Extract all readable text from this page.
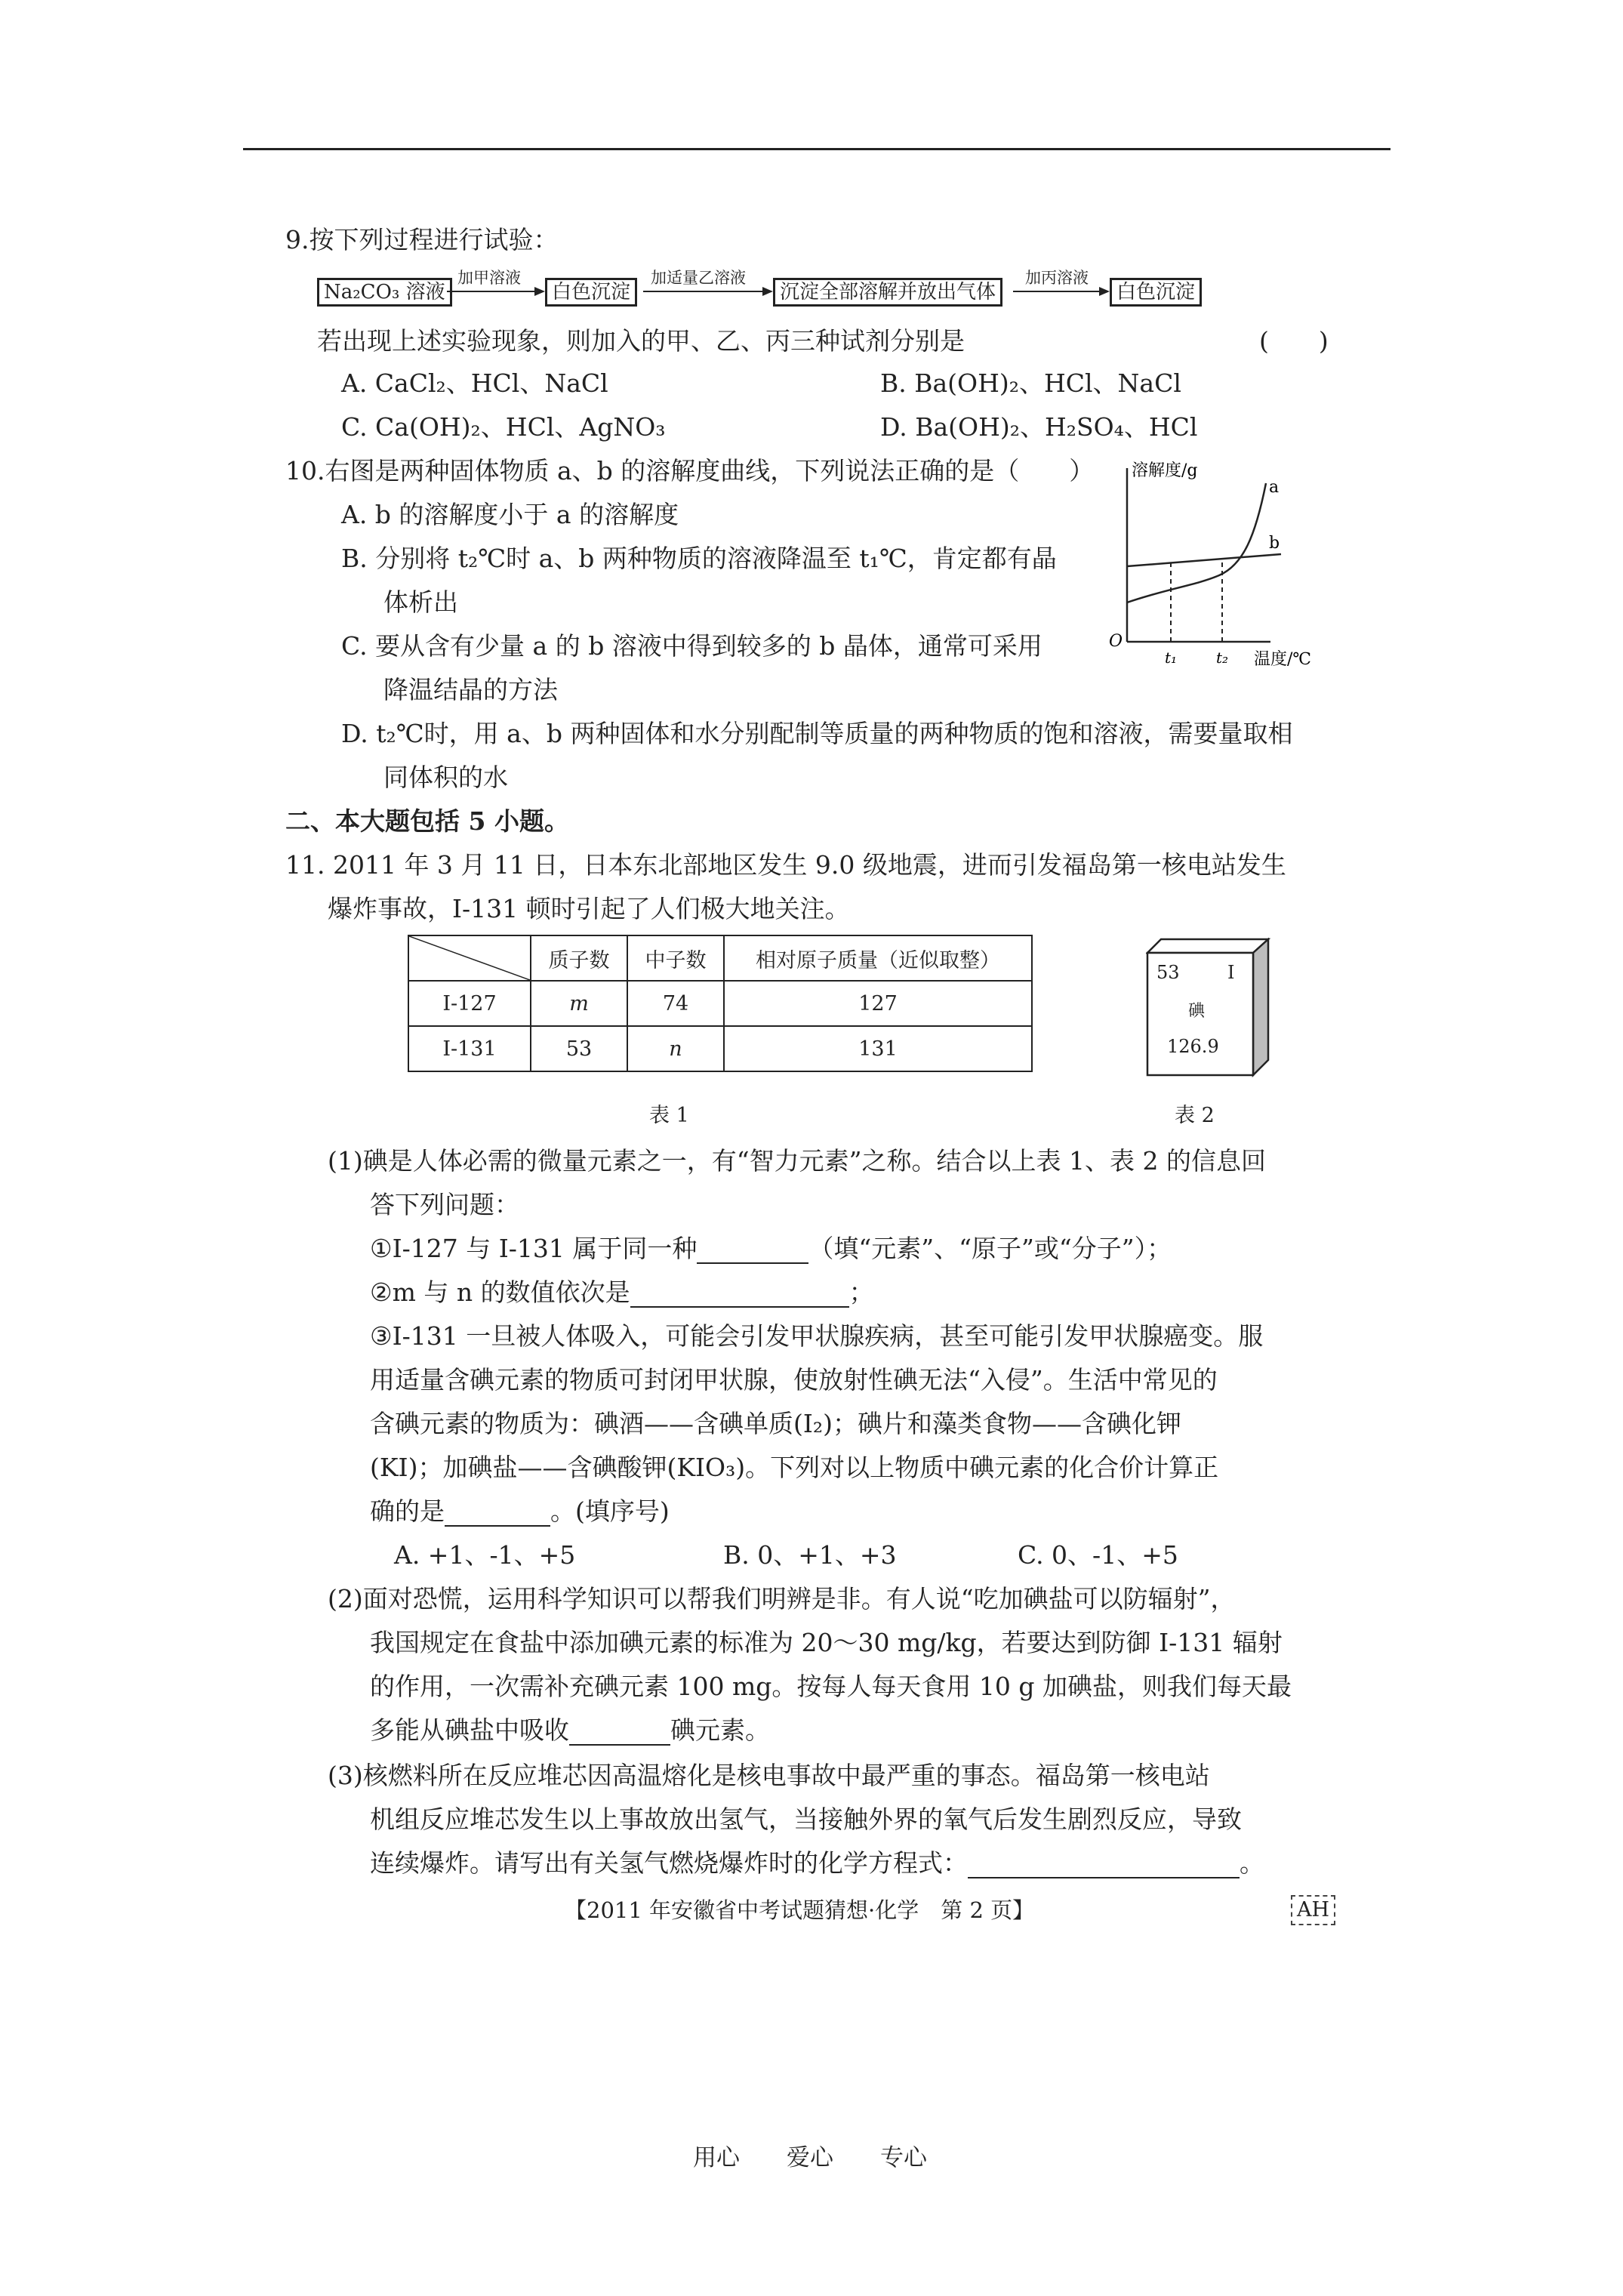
9.按下列过程进行试验：
Na₂CO₃ 溶液
加甲溶液
白色沉淀
加适量乙溶液
沉淀全部溶解并放出气体
加丙溶液
白色沉淀
若出现上述实验现象，则加入的甲、乙、丙三种试剂分别是	(　　)
A. CaCl₂、HCl、NaCl	B. Ba(OH)₂、HCl、NaCl
C. Ca(OH)₂、HCl、AgNO₃	D. Ba(OH)₂、H₂SO₄、HCl
10.右图是两种固体物质 a、b 的溶解度曲线，下列说法正确的是（　　）
A. b 的溶解度小于 a 的溶解度
B. 分别将 t₂℃时 a、b 两种物质的溶液降温至 t₁℃，肯定都有晶
体析出
C. 要从含有少量 a 的 b 溶液中得到较多的 b 晶体，通常可采用
降温结晶的方法
D. t₂℃时，用 a、b 两种固体和水分别配制等质量的两种物质的饱和溶液，需要量取相
同体积的水
溶解度/g
O
t₁	t₂ 温度/℃
a
b
二、本大题包括 5 小题。
11. 2011 年 3 月 11 日，日本东北部地区发生 9.0 级地震，进而引发福岛第一核电站发生
爆炸事故，I-131 顿时引起了人们极大地关注。
	质子数	中子数	相对原子质量（近似取整）
I-127	m	74	127
I-131	53	n	131
表 1
53	I
碘
126.9
表 2
(1)碘是人体必需的微量元素之一，有“智力元素”之称。结合以上表 1、表 2 的信息回
答下列问题：
①I-127 与 I-131 属于同一种	（填“元素”、“原子”或“分子”）；
②m 与 n 的数值依次是	；
③I-131 一旦被人体吸入，可能会引发甲状腺疾病，甚至可能引发甲状腺癌变。服
用适量含碘元素的物质可封闭甲状腺，使放射性碘无法“入侵”。生活中常见的
含碘元素的物质为：碘酒——含碘单质(I₂)；碘片和藻类食物——含碘化钾
(KI)；加碘盐——含碘酸钾(KIO₃)。下列对以上物质中碘元素的化合价计算正
确的是	。(填序号)
A. +1、-1、+5	B. 0、+1、+3	C. 0、-1、+5
(2)面对恐慌，运用科学知识可以帮我们明辨是非。有人说“吃加碘盐可以防辐射”，
我国规定在食盐中添加碘元素的标准为 20～30 mg/kg，若要达到防御 I-131 辐射
的作用，一次需补充碘元素 100 mg。按每人每天食用 10 g 加碘盐，则我们每天最
多能从碘盐中吸收	碘元素。
(3)核燃料所在反应堆芯因高温熔化是核电事故中最严重的事态。福岛第一核电站
机组反应堆芯发生以上事故放出氢气，当接触外界的氧气后发生剧烈反应，导致
连续爆炸。请写出有关氢气燃烧爆炸时的化学方程式：	。
【2011 年安徽省中考试题猜想·化学　第 2 页】	AH
用心　　爱心　　专心
